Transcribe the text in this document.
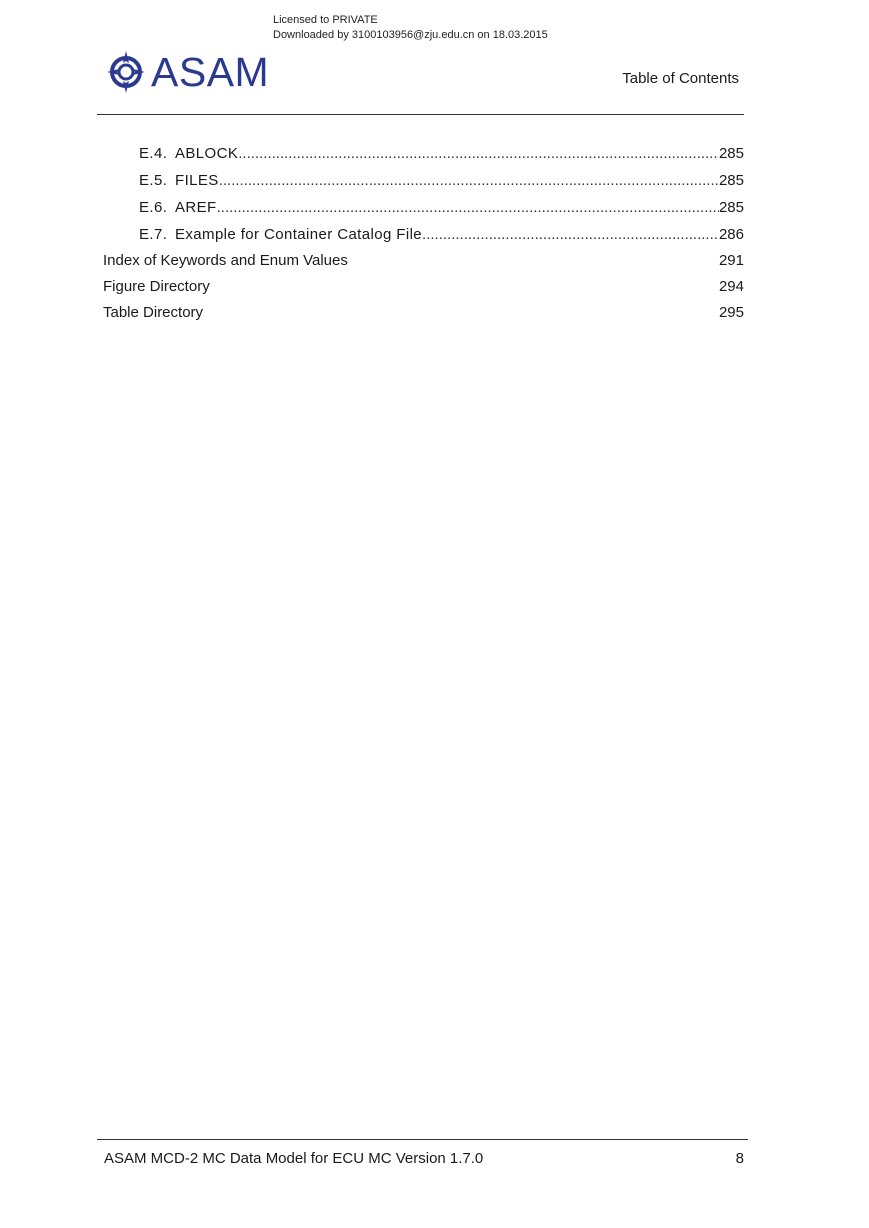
Licensed to PRIVATE
Downloaded by 3100103956@zju.edu.cn on 18.03.2015
ASAM	Table of Contents
E.4. ABLOCK .....	285
E.5. FILES .....	285
E.6. AREF .....	285
E.7. Example for Container Catalog File .....	286
Index of Keywords and Enum Values	291
Figure Directory	294
Table Directory	295
ASAM MCD-2 MC Data Model for ECU MC Version 1.7.0	8
